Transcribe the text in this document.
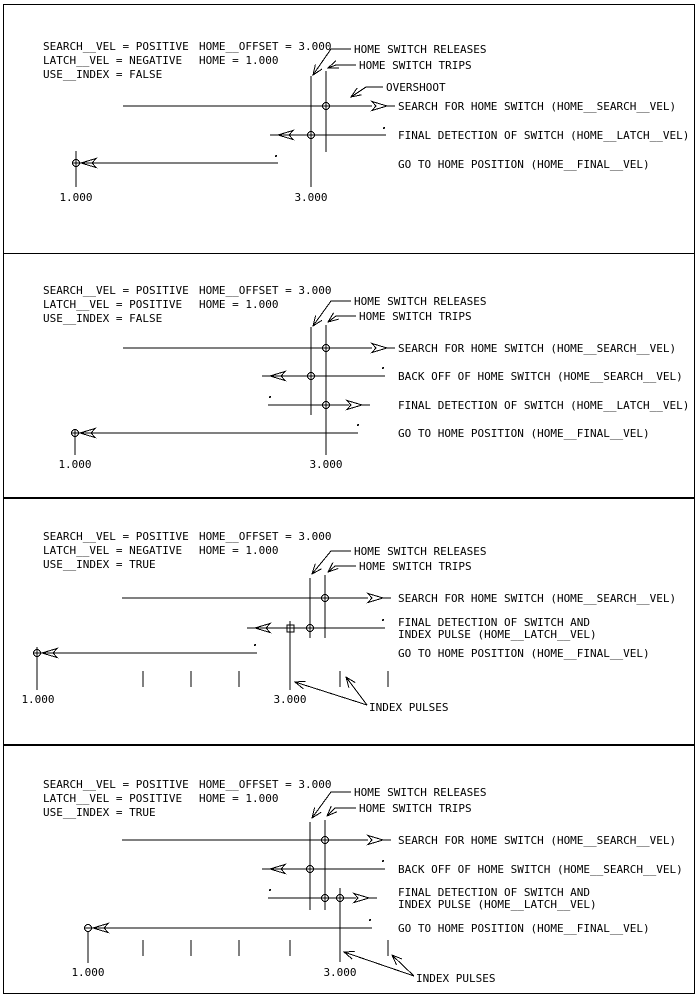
SEARCH__VEL = POSITIVE
LATCH__VEL = NEGATIVE
USE__INDEX = FALSE
HOME__OFFSET = 3.000
HOME = 1.000
HOME SWITCH RELEASES
HOME SWITCH TRIPS
OVERSHOOT
1.000	3.000
SEARCH FOR HOME SWITCH (HOME__SEARCH__VEL)
FINAL DETECTION OF SWITCH (HOME__LATCH__VEL)
GO TO HOME POSITION (HOME__FINAL__VEL)
SEARCH__VEL = POSITIVE
LATCH__VEL = POSITIVE
USE__INDEX = FALSE
HOME__OFFSET = 3.000
HOME = 1.000	HOME SWITCH RELEASES
HOME SWITCH TRIPS
1.000	3.000
SEARCH FOR HOME SWITCH (HOME__SEARCH__VEL)
BACK OFF OF HOME SWITCH (HOME__SEARCH__VEL)
FINAL DETECTION OF SWITCH (HOME__LATCH__VEL)
GO TO HOME POSITION (HOME__FINAL__VEL)
SEARCH__VEL = POSITIVE
LATCH__VEL = NEGATIVE
USE__INDEX = TRUE
HOME__OFFSET = 3.000
HOME = 1.000	HOME SWITCH RELEASES
HOME SWITCH TRIPS
1.000	3.000
INDEX PULSES
SEARCH FOR HOME SWITCH (HOME__SEARCH__VEL)
FINAL DETECTION OF SWITCH AND
INDEX PULSE (HOME__LATCH__VEL)
GO TO HOME POSITION (HOME__FINAL__VEL)
SEARCH__VEL = POSITIVE
LATCH__VEL = POSITIVE
USE__INDEX = TRUE
HOME__OFFSET = 3.000
HOME = 1.000	HOME SWITCH RELEASES
HOME SWITCH TRIPS
1.000	3.000	INDEX PULSES
SEARCH FOR HOME SWITCH (HOME__SEARCH__VEL)
BACK OFF OF HOME SWITCH (HOME__SEARCH__VEL)
FINAL DETECTION OF SWITCH AND
INDEX PULSE (HOME__LATCH__VEL)
GO TO HOME POSITION (HOME__FINAL__VEL)
